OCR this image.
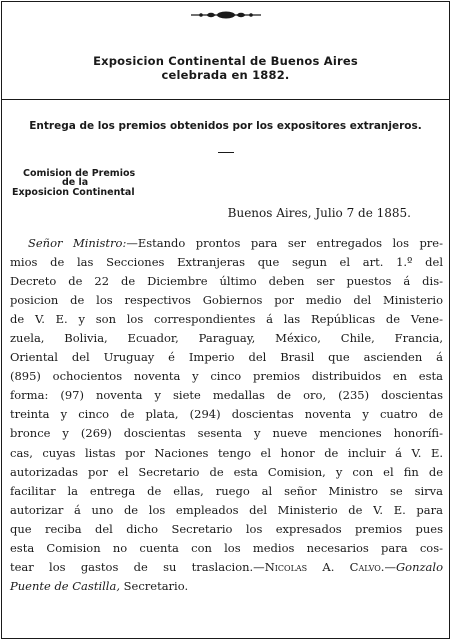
Exposicion Continental de Buenos Aires
celebrada en 1882.
Entrega de los premios obtenidos por los expositores extranjeros.
Comision de Premios
de la
Exposicion Continental
Buenos Aires, Julio 7 de 1885.
Señor Ministro:—Estando prontos para ser entregados los pre-
mios de las Secciones Extranjeras que segun el art. 1.º del
Decreto de 22 de Diciembre último deben ser puestos á dis-
posicion de los respectivos Gobiernos por medio del Ministerio
de V. E. y son los correspondientes á las Repúblicas de Vene-
zuela, Bolivia, Ecuador, Paraguay, México, Chile, Francia,
Oriental del Uruguay é Imperio del Brasil que ascienden á
(895) ochocientos noventa y cinco premios distribuidos en esta
forma: (97) noventa y siete medallas de oro, (235) doscientas
treinta y cinco de plata, (294) doscientas noventa y cuatro de
bronce y (269) doscientas sesenta y nueve menciones honorífi-
cas, cuyas listas por Naciones tengo el honor de incluir á V. E.
autorizadas por el Secretario de esta Comision, y con el fin de
facilitar la entrega de ellas, ruego al señor Ministro se sirva
autorizar á uno de los empleados del Ministerio de V. E. para
que reciba del dicho Secretario los expresados premios pues
esta Comision no cuenta con los medios necesarios para cos-
tear los gastos de su traslacion.—Nicolas A. Calvo.—Gonzalo
Puente de Castilla, Secretario.
